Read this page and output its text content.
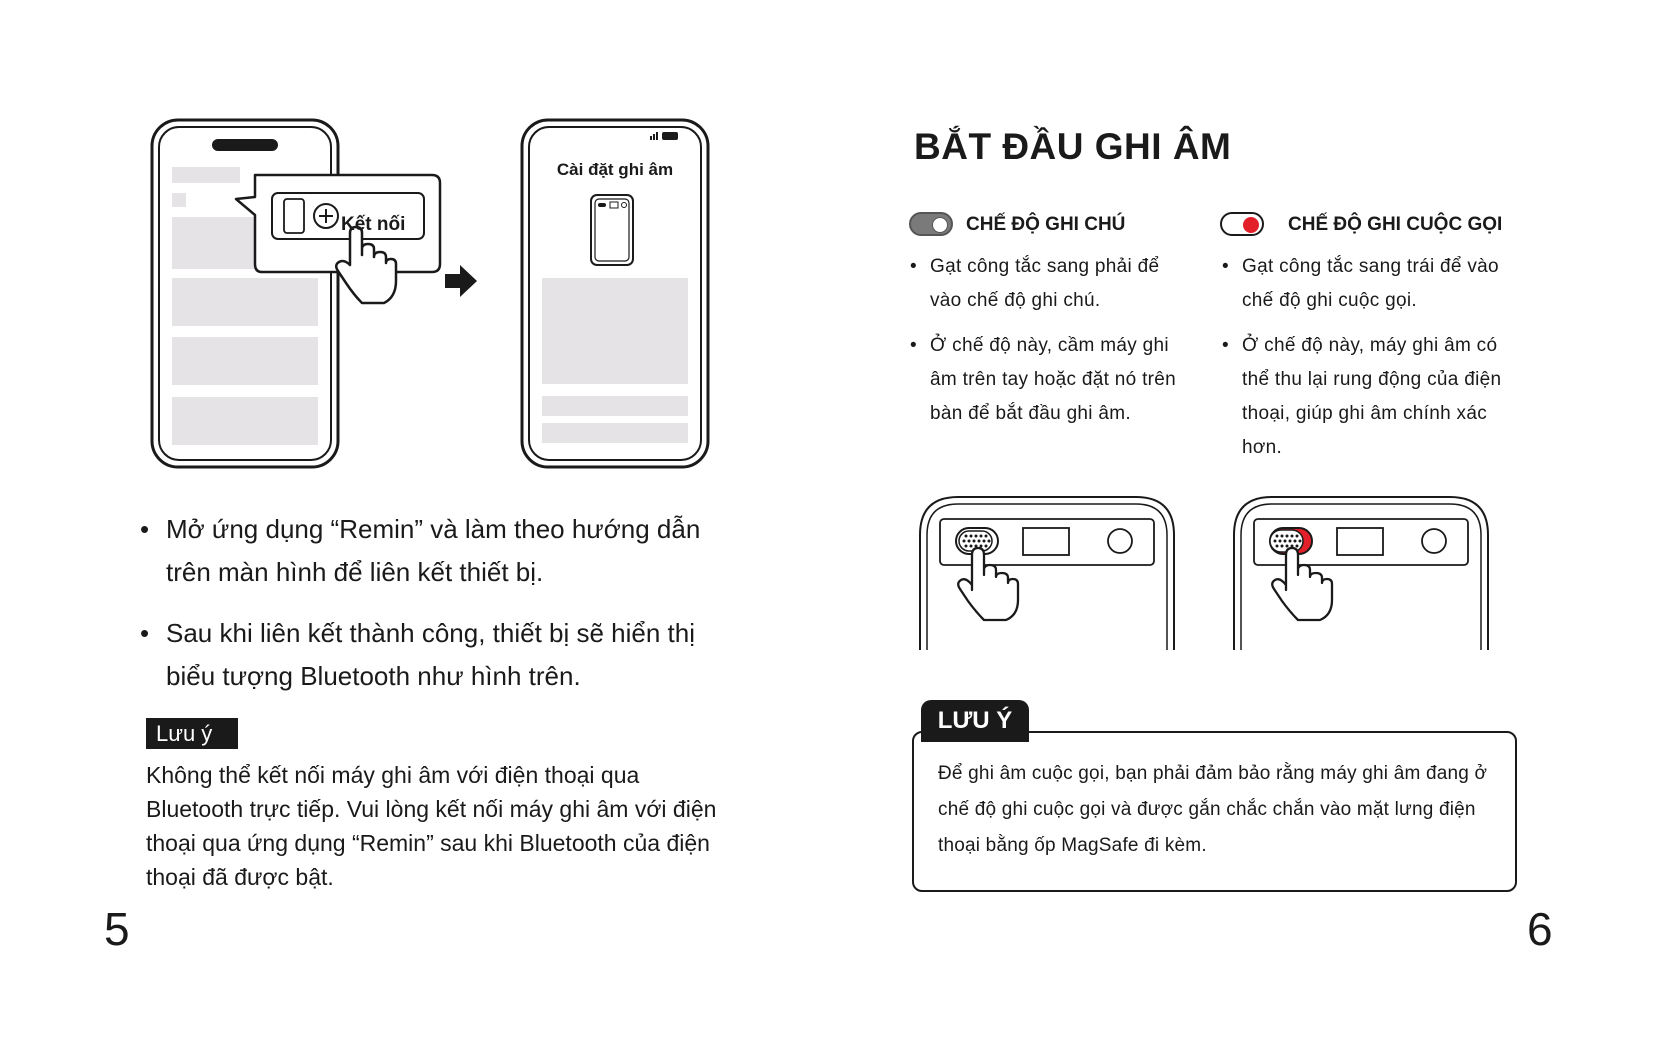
Kết nối
Cài đặt ghi âm
• Mở ứng dụng “Remin” và làm theo hướng dẫn trên màn hình để liên kết thiết bị.
• Sau khi liên kết thành công, thiết bị sẽ hiển thị biểu tượng Bluetooth như hình trên.
Lưu ý
Không thể kết nối máy ghi âm với điện thoại qua Bluetooth trực tiếp. Vui lòng kết nối máy ghi âm với điện thoại qua ứng dụng “Remin” sau khi Bluetooth của điện thoại đã được bật.
5
BẮT ĐẦU GHI ÂM
CHẾ ĐỘ GHI CHÚ
• Gạt công tắc sang phải để vào chế độ ghi chú.
• Ở chế độ này, cầm máy ghi âm trên tay hoặc đặt nó trên bàn để bắt đầu ghi âm.
CHẾ ĐỘ GHI CUỘC GỌI
• Gạt công tắc sang trái để vào chế độ ghi cuộc gọi.
• Ở chế độ này, máy ghi âm có thể thu lại rung động của điện thoại, giúp ghi âm chính xác hơn.
LƯU Ý
Để ghi âm cuộc gọi, bạn phải đảm bảo rằng máy ghi âm đang ở chế độ ghi cuộc gọi và được gắn chắc chắn vào mặt lưng điện thoại bằng ốp MagSafe đi kèm.
6
